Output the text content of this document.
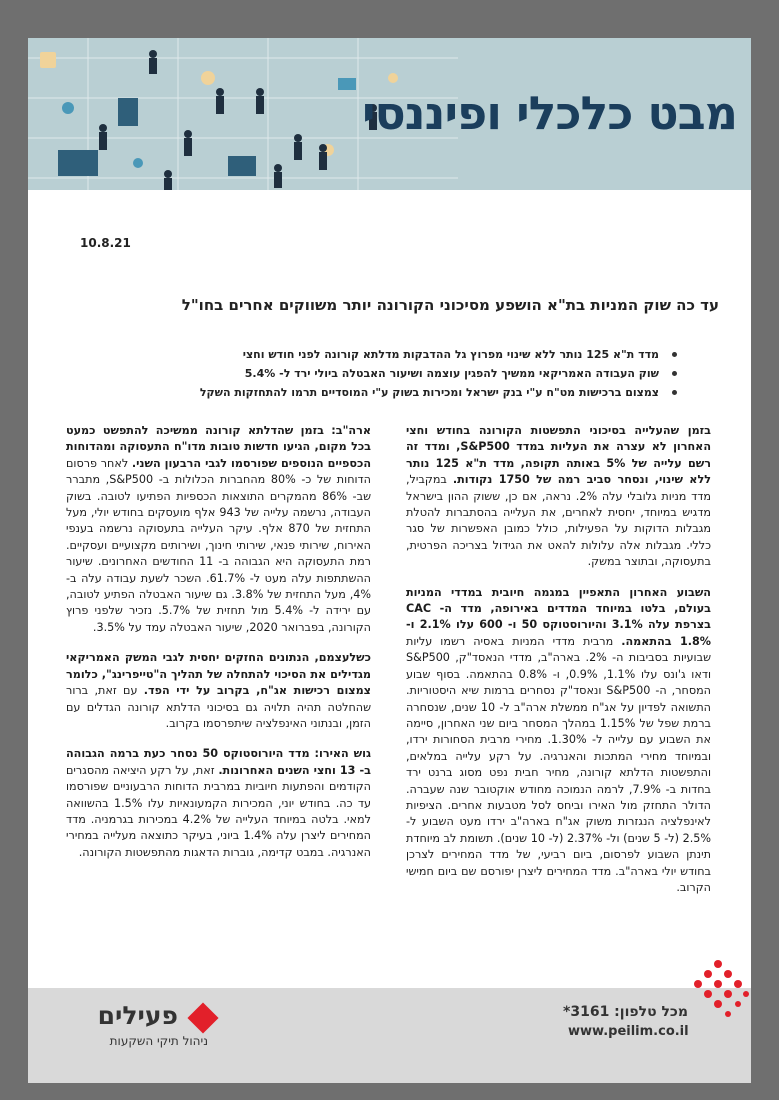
מבט כלכלי ופיננסי
10.8.21
עד כה שוק המניות בת"א הושפע מסיכוני הקורונה יותר משווקים אחרים בחו"ל
מדד ת"א 125 נותר ללא שינוי מפרוץ גל ההדבקות מדלתא קורונה לפני חודש וחצי
שוק העבודה האמריקאי ממשיך להפגין עוצמה ושיעור האבטלה ביולי ירד ל- 5.4%
צמצום ברכישות מט"ח ע"י בנק ישראל ומכירות בשוק ע"י המוסדיים תרמו להתחזקות השקל

בזמן שהעלייה בסיכוני התפשטות הקורונה בחודש וחצי האחרון לא עצרה את העליות במדד S&P500, ומדד זה רשם עלייה של 5% באותה תקופה, מדד ת"א 125 נותר ללא שינוי, ונסחר סביב רמה של 1750 נקודות. במקביל, מדד מניות גלובלי עלה 2%. נראה, אם כן, ששוק ההון בישראל מדגיש במיוחד, יחסית לאחרים, את העלייה בהסתברות להטלת מגבלות הדוקות על הפעילות, כולל כמובן האפשרות של סגר כללי. מגבלות אלה עלולות להאט את הגידול בצריכה הפרטית, בתעסוקה, ובתוצר במשק.

השבוע האחרון התאפיין במגמה חיובית במדדי המניות בעולם, בלטו במיוחד המדדים באירופה, מדד ה- CAC בצרפת עלה 3.1% והיורוסטוקס 50 ו- 600 עלו 2.1% ו- 1.8% בהתאמה. מרבית מדדי המניות באסיה רשמו עליות שבועיות בסביבות ה- 2%. בארה"ב, מדדי הנאסד"ק, S&P500 ודאו ג'ונס עלו 1.1%, 0.9%, ו- 0.8% בהתאמה. בסוף שבוע המסחר, ה- S&P500 ונאסד"ק נסחרים ברמות שיא היסטוריות. התשואה לפדיון על אג"ח ממשלת ארה"ב ל- 10 שנים, שנסחרה ברמת שפל של 1.15% במהלך המסחר ביום שני האחרון, סיימה את השבוע עם עלייה ל- 1.30%. מחירי מרבית הסחורות ירדו, ובמיוחד מחירי המתכות והאנרגיה. על רקע עלייה במלאים, והתפשטות הדלתא קורונה, מחיר חבית נפט מסוג ברנט ירד בחדות ב- 7.9%, לרמה הנמוכה מחודש אוקטובר שנה שעברה. הדולר התחזק מול האירו וביחס לסל מטבעות אחרים. הציפיות לאינפלציה הנגזרות משוק אג"ח בארה"ב ירדו מעט השבוע ל- 2.5% (ל- 5 שנים) ול- 2.37% (ל- 10 שנים). תשומת לב מיוחדת תינתן השבוע לפרסום, ביום רביעי, של מדד המחירים לצרכן בחודש יולי בארה"ב. מדד המחירים ליצרן יפורסם שם ביום חמישי הקרוב.

ארה"ב: בזמן שהדלתא קורונה ממשיכה להתפשט כמעט בכל מקום, הגיעו חדשות טובות מדו"ח התעסוקה ומהדוחות הכספיים הנוספים שפורסמו לגבי הרבעון השני. לאחר פרסום הדוחות של כ- 80% מהחברות הכלולות ב- S&P500, מתברר שב- 86% מהמקרים התוצאות הכספיות הפתיעו לטובה. בשוק העבודה, נרשמה עלייה של 943 אלף מועסקים בחודש יולי, מעל התחזית של 870 אלף. עיקר העלייה בתעסוקה נרשמה בענפי האירוח, שירותי פנאי, שירותי חינוך, ושירותים מקצועיים ועסקיים. רמת התעסוקה היא הגבוהה ב- 11 החודשים האחרונים. שיעור ההשתתפות עלה מעט ל- 61.7%. השכר לשעת עבודה עלה ב- 4%, מעל התחזית של 3.8%. גם שיעור האבטלה הפתיע לטובה, עם ירידה ל- 5.4% מול תחזית של 5.7%. נזכיר שלפני פרוץ הקורונה, בפברואר 2020, שיעור האבטלה עמד על 3.5%.

כשלעצמם, הנתונים החזקים יחסית לגבי המשק האמריקאי מגדילים את הסיכוי להתחלה של תהליך ה"טייפרינג", כלומר צמצום רכישות אג"ח, בקרוב על ידי הפד. עם זאת, ברור שהחלטה תהיה תלויה גם בסיכוני הדלתא קורונה הגדלים עם הזמן, ובנתוני האינפלציה שיתפרסמו בקרוב.

גוש האירו: מדד היורוסטוקס 50 נסחר כעת ברמה הגבוהה ב- 13 וחצי השנים האחרונות. זאת, על רקע היציאה מהסגרים הקודמים והפתעות חיוביות במרבית הדוחות הרבעוניים שפורסמו עד כה. בחודש יוני, המכירות הקמעונאיות עלו 1.5% בהשוואה למאי. בלטה במיוחד העלייה של 4.2% במכירות בגרמניה. מדד המחירים ליצרן עלה 1.4% ביוני, בעיקר כתוצאה מעלייה במחירי האנרגיה. במבט קדימה, גוברות הדאגות מהתפשטות הקורונה.

פעילים
ניהול תיקי השקעות
מכל טלפון: 3161*
www.peilim.co.il
